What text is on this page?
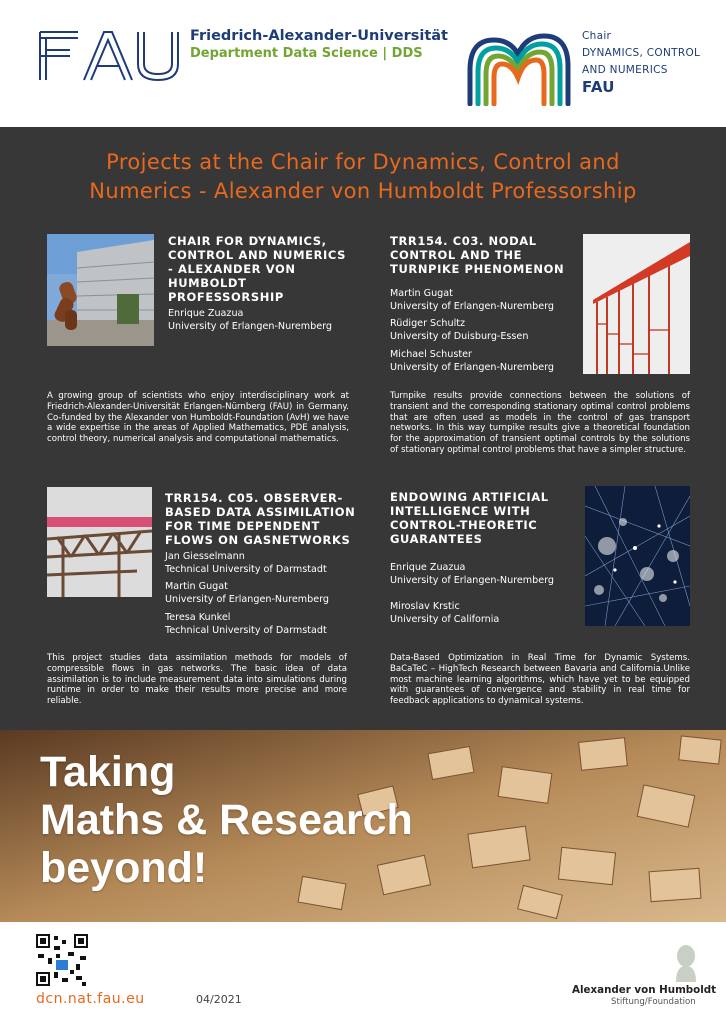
Friedrich-Alexander-Universität
Department Data Science | DDS
Chair
DYNAMICS, CONTROL
AND NUMERICS
FAU
Projects at the Chair for Dynamics, Control and
Numerics - Alexander von Humboldt Professorship
CHAIR FOR DYNAMICS,
CONTROL AND NUMERICS
- ALEXANDER VON
HUMBOLDT
PROFESSORSHIP
Enrique Zuazua
University of Erlangen-Nuremberg
A growing group of scientists who enjoy interdisciplinary work at Friedrich-Alexander-Universität Erlangen-Nürnberg (FAU) in Germany. Co-funded by the Alexander von Humboldt-Foundation (AvH) we have a wide expertise in the areas of Applied Mathematics, PDE analysis, control theory, numerical analysis and computational mathematics.
TRR154. C03. NODAL
CONTROL AND THE
TURNPIKE PHENOMENON
Martin Gugat
University of Erlangen-Nuremberg
Rüdiger Schultz
University of Duisburg-Essen
Michael Schuster
University of Erlangen-Nuremberg
Turnpike results provide connections between the solutions of transient and the corresponding stationary optimal control problems that are often used as models in the control of gas transport networks. In this way turnpike results give a theoretical foundation for the approximation of transient optimal controls by the solutions of stationary optimal control problems that have a simpler structure.
TRR154. C05. OBSERVER-
BASED DATA ASSIMILATION
FOR TIME DEPENDENT
FLOWS ON GASNETWORKS
Jan Giesselmann
Technical University of Darmstadt
Martin Gugat
University of Erlangen-Nuremberg
Teresa Kunkel
Technical University of Darmstadt
This project studies data assimilation methods for models of compressible flows in gas networks. The basic idea of data assimilation is to include measurement data into simulations during runtime in order to make their results more precise and more reliable.
ENDOWING ARTIFICIAL
INTELLIGENCE WITH
CONTROL-THEORETIC
GUARANTEES
Enrique Zuazua
University of Erlangen-Nuremberg
Miroslav Krstic
University of California
Data-Based Optimization in Real Time for Dynamic Systems. BaCaTeC – HighTech Research between Bavaria and California.Unlike most machine learning algorithms, which have yet to be equipped with guarantees of convergence and stability in real time for feedback applications to dynamical systems.
Taking
Maths & Research
beyond!
dcn.nat.fau.eu	04/2021
Alexander von Humboldt
Stiftung/Foundation
